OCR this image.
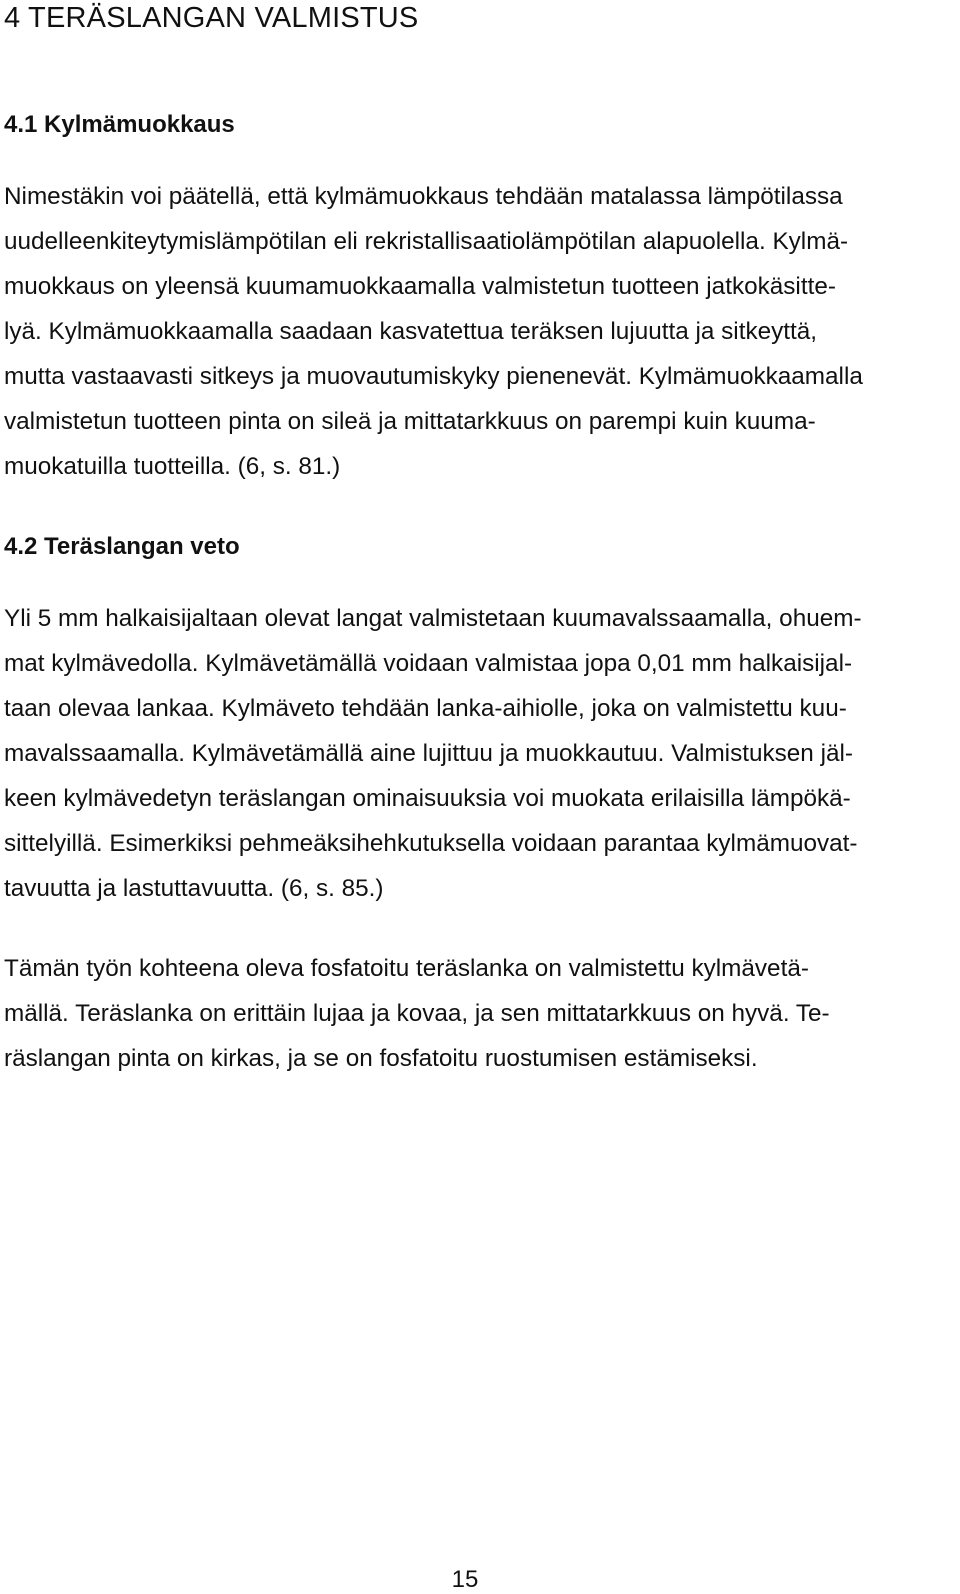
4 TERÄSLANGAN VALMISTUS
4.1 Kylmämuokkaus

Nimestäkin voi päätellä, että kylmämuokkaus tehdään matalassa lämpötilassa
uudelleenkiteytymislämpötilan eli rekristallisaatiolämpötilan alapuolella. Kylmä-
muokkaus on yleensä kuumamuokkaamalla valmistetun tuotteen jatkokäsitte-
lyä. Kylmämuokkaamalla saadaan kasvatettua teräksen lujuutta ja sitkeyttä,
mutta vastaavasti sitkeys ja muovautumiskyky pienenevät. Kylmämuokkaamalla
valmistetun tuotteen pinta on sileä ja mittatarkkuus on parempi kuin kuuma-
muokatuilla tuotteilla. (6, s. 81.)

4.2 Teräslangan veto

Yli 5 mm halkaisijaltaan olevat langat valmistetaan kuumavalssaamalla, ohuem-
mat kylmävedolla. Kylmävetämällä voidaan valmistaa jopa 0,01 mm halkaisijal-
taan olevaa lankaa. Kylmäveto tehdään lanka-aihiolle, joka on valmistettu kuu-
mavalssaamalla. Kylmävetämällä aine lujittuu ja muokkautuu. Valmistuksen jäl-
keen kylmävedetyn teräslangan ominaisuuksia voi muokata erilaisilla lämpökä-
sittelyillä. Esimerkiksi pehmeäksihehkutuksella voidaan parantaa kylmämuovat-
tavuutta ja lastuttavuutta. (6, s. 85.)

Tämän työn kohteena oleva fosfatoitu teräslanka on valmistettu kylmävetä-
mällä. Teräslanka on erittäin lujaa ja kovaa, ja sen mittatarkkuus on hyvä. Te-
räslangan pinta on kirkas, ja se on fosfatoitu ruostumisen estämiseksi.

15
